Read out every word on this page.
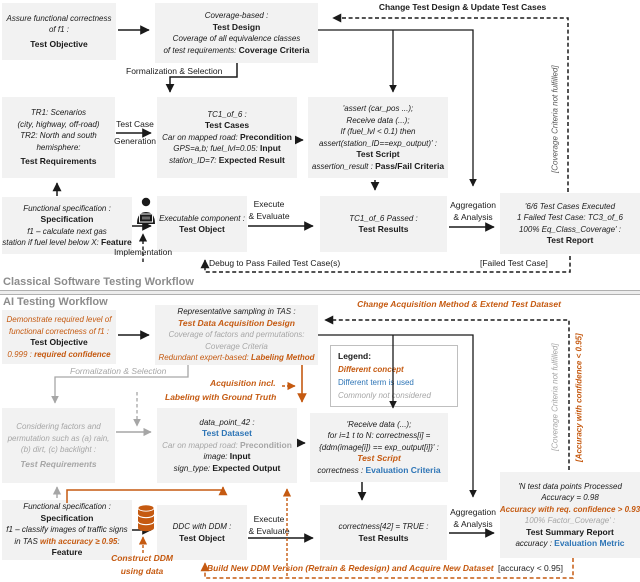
Assure functional correctness
of f1 :
Test Objective
Coverage-based :
Test Design
Coverage of all equivalence classes
of test requirements: Coverage Criteria
TR1: Scenarios
(city, highway, off-road)
TR2: North and south
hemisphere:
Test Requirements
TC1_of_6 :
Test Cases
Car on mapped road: Precondition
GPS=a,b; fuel_lvl=0.05: Input
station_ID=7: Expected Result
'assert (car_pos ...);
Receive data (...);
If (fuel_lvl < 0.1) then
assert(station_ID==exp_output)' :
Test Script
assertion_result : Pass/Fail Criteria
Functional specification :
Specification
f1 – calculate next gas
station if fuel level below X: Feature
Executable component :
Test Object
TC1_of_6 Passed :
Test Results
'6/6 Test Cases Executed
1 Failed Test Case: TC3_of_6
100% Eq_Class_Coverage' :
Test Report
Change Test Design & Update Test Cases
Formalization & Selection
Test Case
Generation
Implementation
Execute
& Evaluate
Aggregation
& Analysis
Debug to Pass Failed Test Case(s)	[Failed Test Case]
[Coverage Criteria not fulfilled]
Classical Software Testing Workflow
AI Testing Workflow
Demonstrate required level of
functional correctness of f1 :
Test Objective
0.999 : required confidence
Representative sampling in TAS :
Test Data Acquisition Design
Coverage of factors and permutations:
Coverage Criteria
Redundant expert-based: Labeling Method
Considering factors and
permutation such as (a) rain,
(b) dirt, (c) backlight :
Test Requirements
data_point_42 :
Test Dataset
Car on mapped road: Precondition
image: Input
sign_type: Expected Output
'Receive data (...);
for i=1 t to N: correctness[i] =
{ddm(image[i]) == exp_output[i]}' :
Test Script
correctness : Evaluation Criteria
Functional specification :
Specification
f1 – classify images of traffic signs
in TAS with accuracy ≥ 0.95:
Feature
DDC with DDM :
Test Object
correctness[42] = TRUE :
Test Results
'N test data points Processed
Accuracy = 0.98
Accuracy with req. confidence > 0.93
100% Factor_Coverage' :
Test Summary Report
accuracy : Evaluation Metric
Legend:
Different concept
Different term is used
Commonly not considered
Change Acquisition Method & Extend Test Dataset
Formalization & Selection
Acquisition incl.
Labeling with Ground Truth
Execute
& Evaluate
Aggregation
& Analysis
Construct DDM
using data	Build New DDM Version (Retrain & Redesign) and Acquire New Dataset [accuracy < 0.95]
[Coverage Criteria not fulfilled]	[Accuracy with confidence < 0.95]
